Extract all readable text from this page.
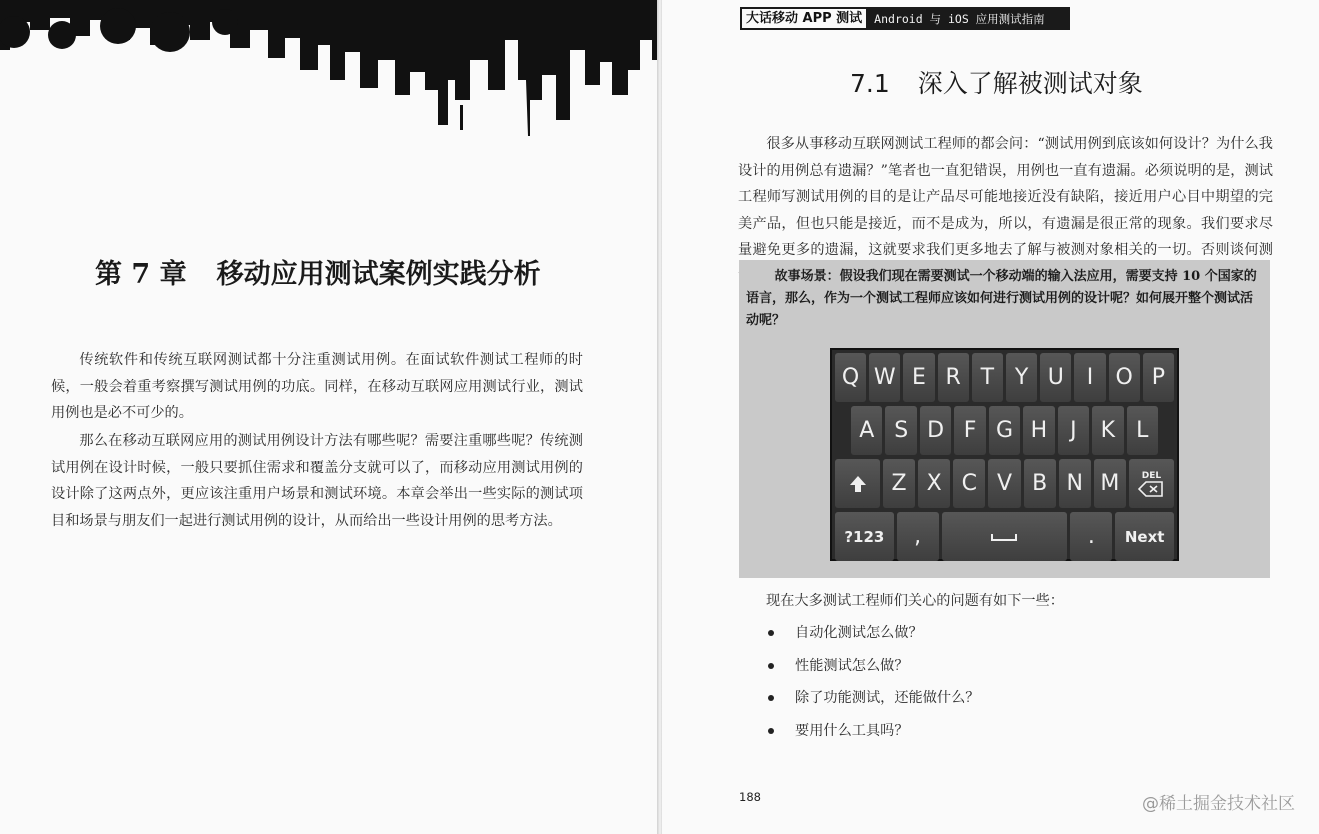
第 7 章 移动应用测试案例实践分析

传统软件和传统互联网测试都十分注重测试用例。在面试软件测试工程师的时候，一般会着重考察撰写测试用例的功底。同样，在移动互联网应用测试行业，测试用例也是必不可少的。

那么在移动互联网应用的测试用例设计方法有哪些呢？需要注重哪些呢？传统测试用例在设计时候，一般只要抓住需求和覆盖分支就可以了，而移动应用测试用例的设计除了这两点外，更应该注重用户场景和测试环境。本章会举出一些实际的测试项目和场景与朋友们一起进行测试用例的设计，从而给出一些设计用例的思考方法。

大话移动 APP 测试	Android 与 iOS 应用测试指南
7.1 深入了解被测试对象

很多从事移动互联网测试工程师的都会问：“测试用例到底该如何设计？为什么我设计的用例总有遗漏？”笔者也一直犯错误，用例也一直有遗漏。必须说明的是，测试工程师写测试用例的目的是让产品尽可能地接近没有缺陷，接近用户心目中期望的完美产品，但也只能是接近，而不是成为，所以，有遗漏是很正常的现象。我们要求尽量避免更多的遗漏，这就要求我们更多地去了解与被测对象相关的一切。否则谈何测

故事场景：假设我们现在需要测试一个移动端的输入法应用，需要支持 10 个国家的语言，那么，作为一个测试工程师应该如何进行测试用例的设计呢？如何展开整个测试活动呢？

Q W E R T Y U	I	O P
A S D F G H	J	K L
Z X C V B N M	DEL
?123	,	.	Next

现在大多测试工程师们关心的问题有如下一些：

自动化测试怎么做？
性能测试怎么做？
除了功能测试，还能做什么？
要用什么工具吗？
188	@稀土掘金技术社区
